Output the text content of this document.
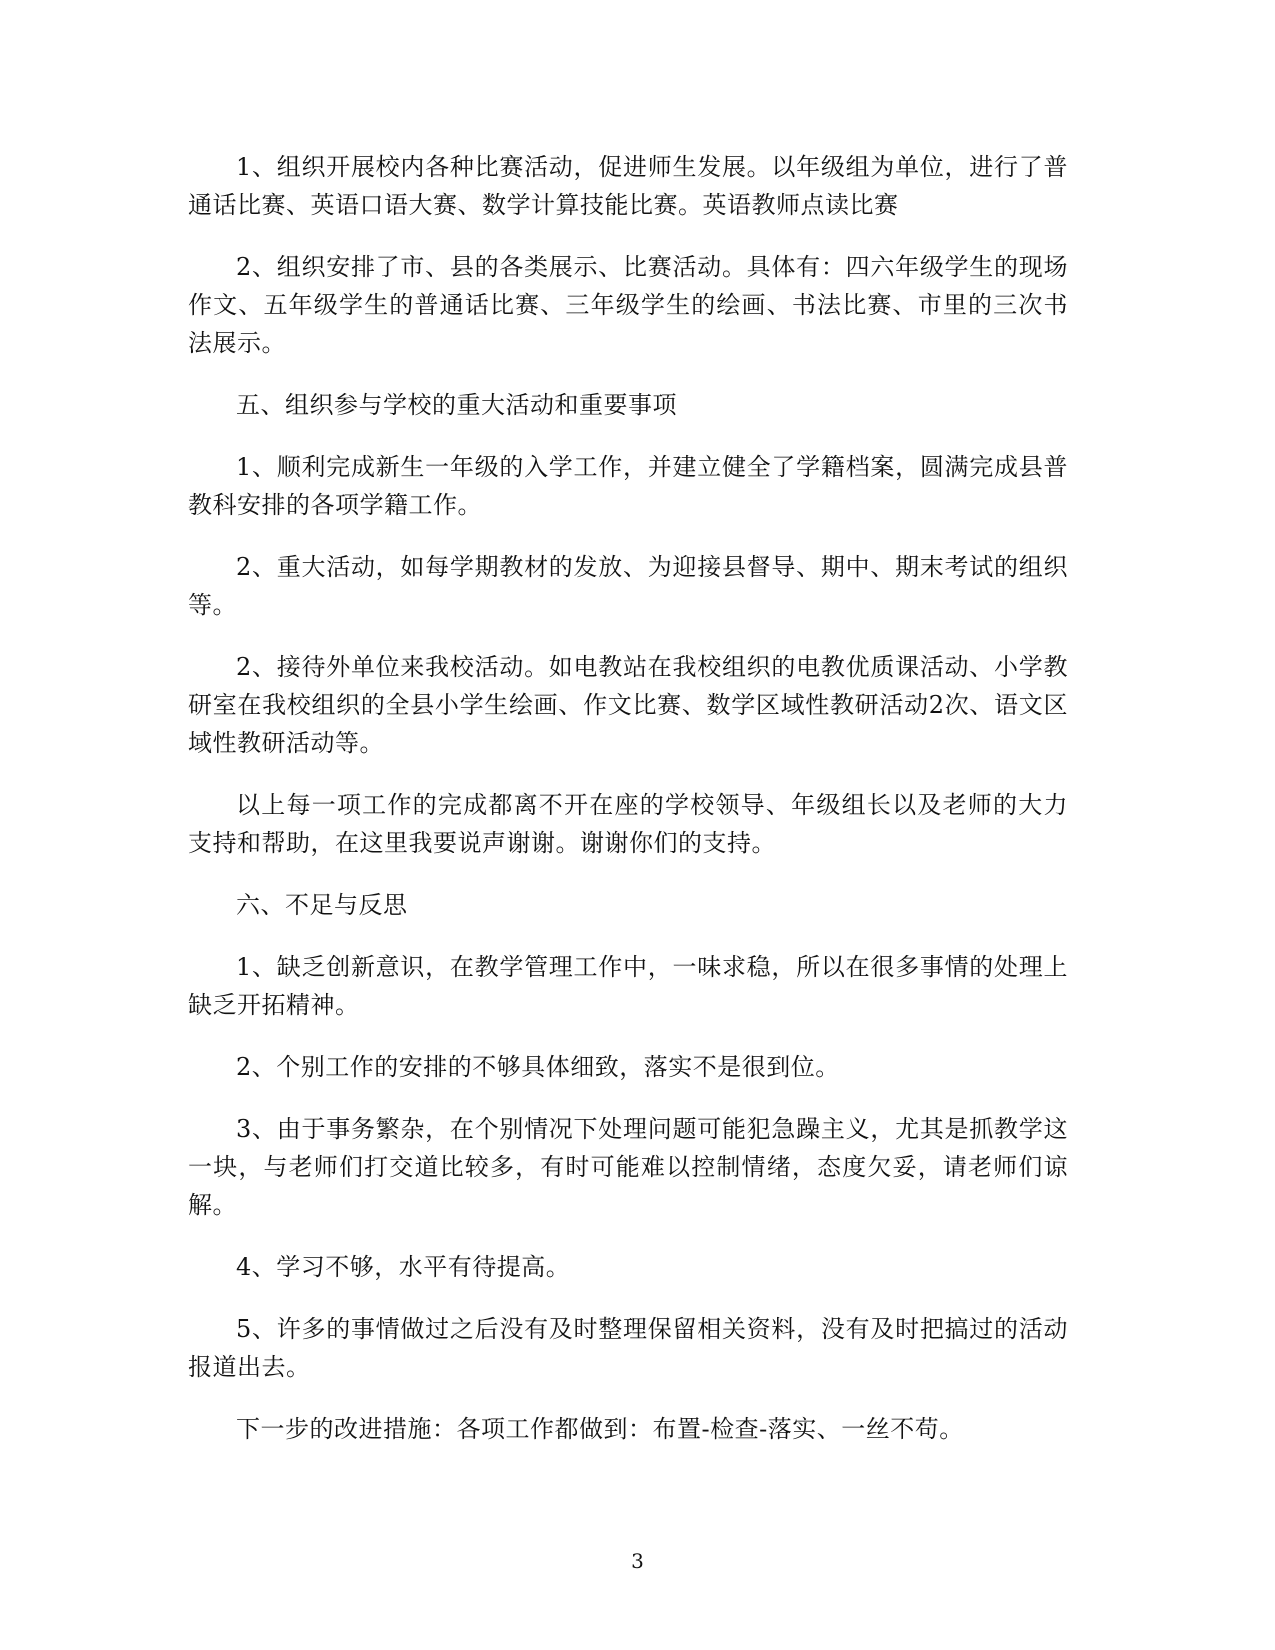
1、组织开展校内各种比赛活动，促进师生发展。以年级组为单位，进行了普通话比赛、英语口语大赛、数学计算技能比赛。英语教师点读比赛

2、组织安排了市、县的各类展示、比赛活动。具体有：四六年级学生的现场作文、五年级学生的普通话比赛、三年级学生的绘画、书法比赛、市里的三次书法展示。

五、组织参与学校的重大活动和重要事项

1、顺利完成新生一年级的入学工作，并建立健全了学籍档案，圆满完成县普教科安排的各项学籍工作。

2、重大活动，如每学期教材的发放、为迎接县督导、期中、期末考试的组织等。

2、接待外单位来我校活动。如电教站在我校组织的电教优质课活动、小学教研室在我校组织的全县小学生绘画、作文比赛、数学区域性教研活动2次、语文区域性教研活动等。

以上每一项工作的完成都离不开在座的学校领导、年级组长以及老师的大力支持和帮助，在这里我要说声谢谢。谢谢你们的支持。

六、不足与反思

1、缺乏创新意识，在教学管理工作中，一味求稳，所以在很多事情的处理上缺乏开拓精神。

2、个别工作的安排的不够具体细致，落实不是很到位。

3、由于事务繁杂，在个别情况下处理问题可能犯急躁主义，尤其是抓教学这一块，与老师们打交道比较多，有时可能难以控制情绪，态度欠妥，请老师们谅解。

4、学习不够，水平有待提高。

5、许多的事情做过之后没有及时整理保留相关资料，没有及时把搞过的活动报道出去。

下一步的改进措施：各项工作都做到：布置-检查-落实、一丝不苟。

3
